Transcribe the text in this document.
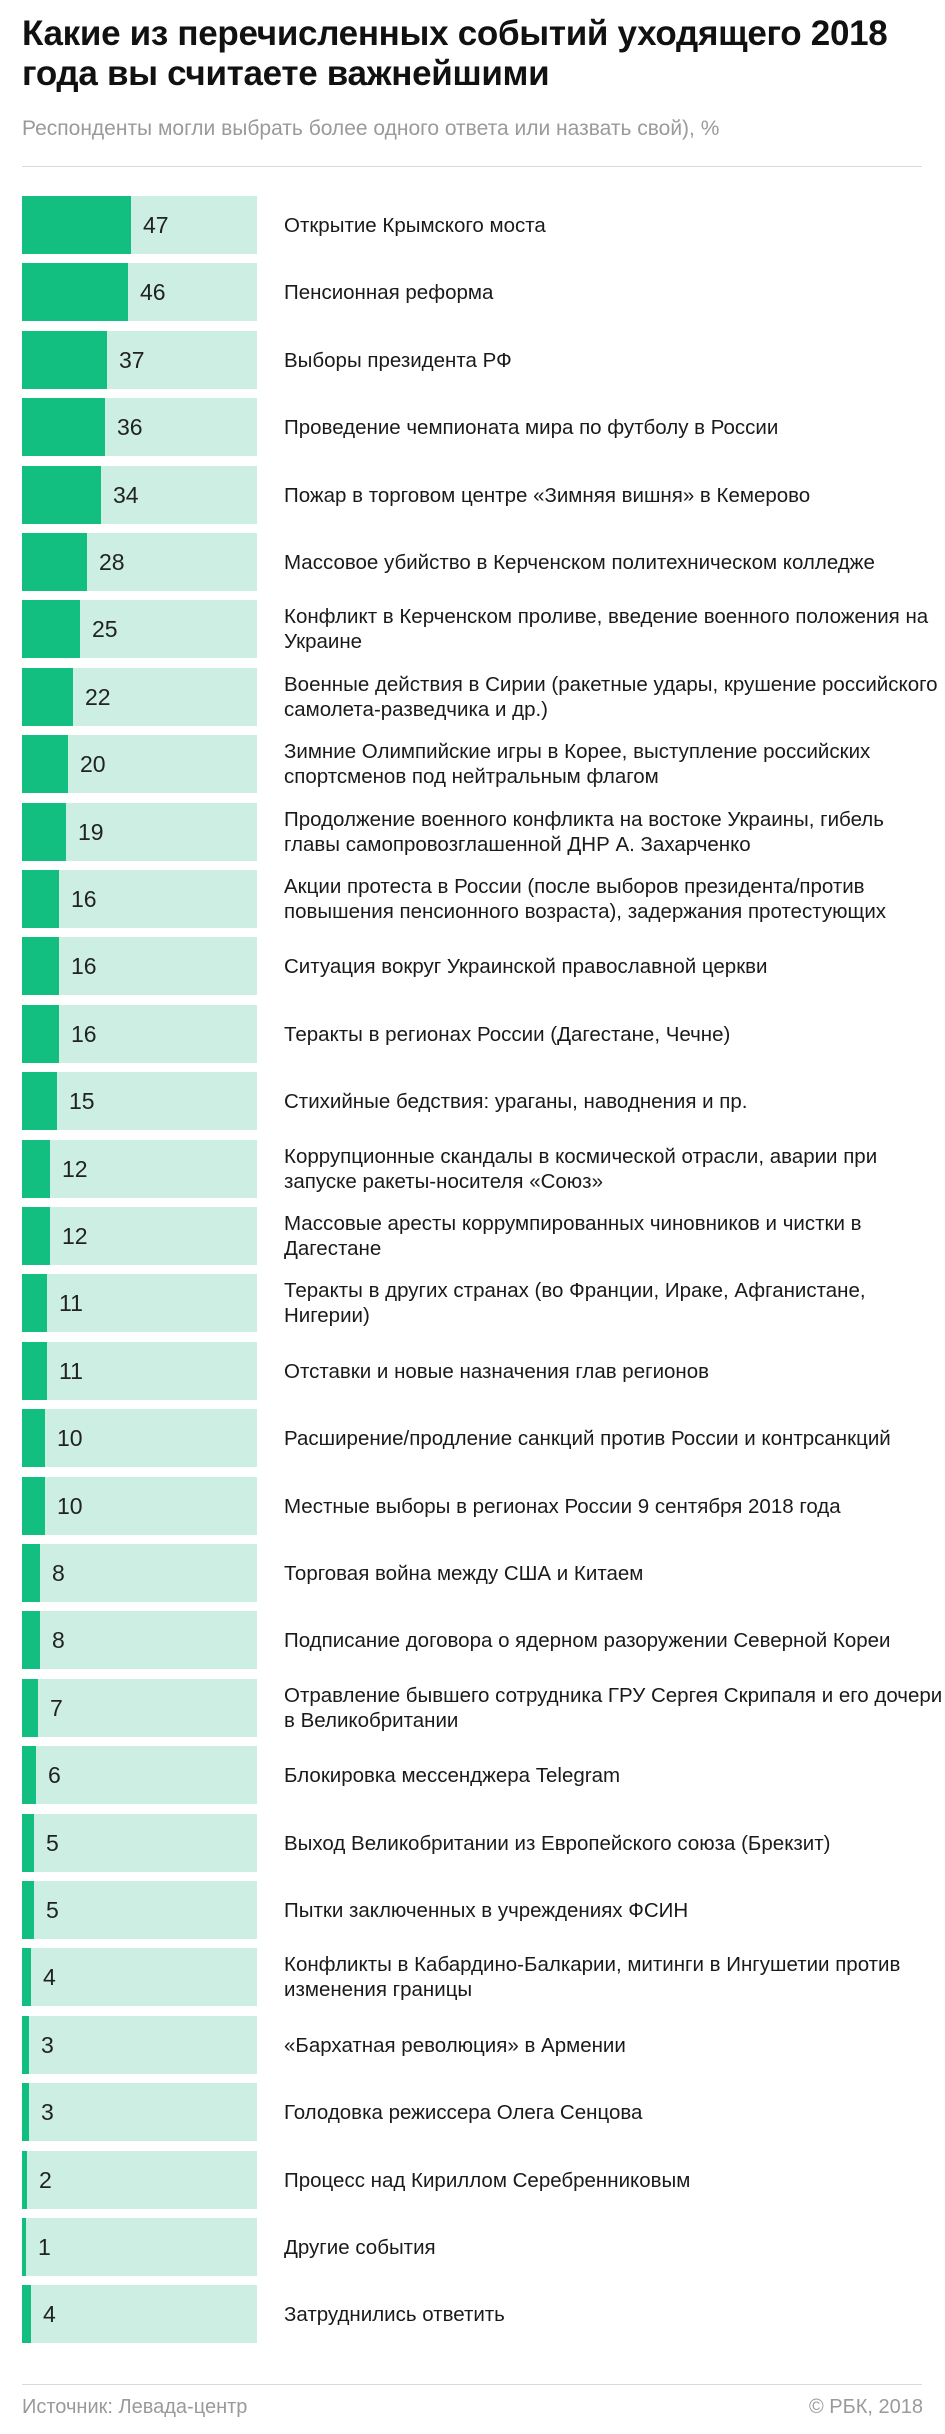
Какие из перечисленных событий уходящего 2018 года вы считаете важнейшими
Респонденты могли выбрать более одного ответа или назвать свой), %
47	Открытие Крымского моста
46	Пенсионная реформа
37	Выборы президента РФ
36	Проведение чемпионата мира по футболу в России
34	Пожар в торговом центре «Зимняя вишня» в Кемерово
28	Массовое убийство в Керченском политехническом колледже
25	Конфликт в Керченском проливе, введение военного положения на Украине
22	Военные действия в Сирии (ракетные удары, крушение российского самолета-разведчика и др.)
20	Зимние Олимпийские игры в Корее, выступление российских спортсменов под нейтральным флагом
19	Продолжение военного конфликта на востоке Украины, гибель главы самопровозглашенной ДНР А. Захарченко
16	Акции протеста в России (после выборов президента/против повышения пенсионного возраста), задержания протестующих
16	Ситуация вокруг Украинской православной церкви
16	Теракты в регионах России (Дагестане, Чечне)
15	Стихийные бедствия: ураганы, наводнения и пр.
12	Коррупционные скандалы в космической отрасли, аварии при запуске ракеты-носителя «Союз»
12	Массовые аресты коррумпированных чиновников и чистки в Дагестане
11	Теракты в других странах (во Франции, Ираке, Афганистане, Нигерии)
11	Отставки и новые назначения глав регионов
10	Расширение/продление санкций против России и контрсанкций
10	Местные выборы в регионах России 9 сентября 2018 года
8	Торговая война между США и Китаем
8	Подписание договора о ядерном разоружении Северной Кореи
7	Отравление бывшего сотрудника ГРУ Сергея Скрипаля и его дочери в Великобритании
6	Блокировка мессенджера Telegram
5	Выход Великобритании из Европейского союза (Брекзит)
5	Пытки заключенных в учреждениях ФСИН
4	Конфликты в Кабардино-Балкарии, митинги в Ингушетии против изменения границы
3	«Бархатная революция» в Армении
3	Голодовка режиссера Олега Сенцова
2	Процесс над Кириллом Серебренниковым
1	Другие события
4	Затруднились ответить
Источник: Левада-центр	© РБК, 2018
